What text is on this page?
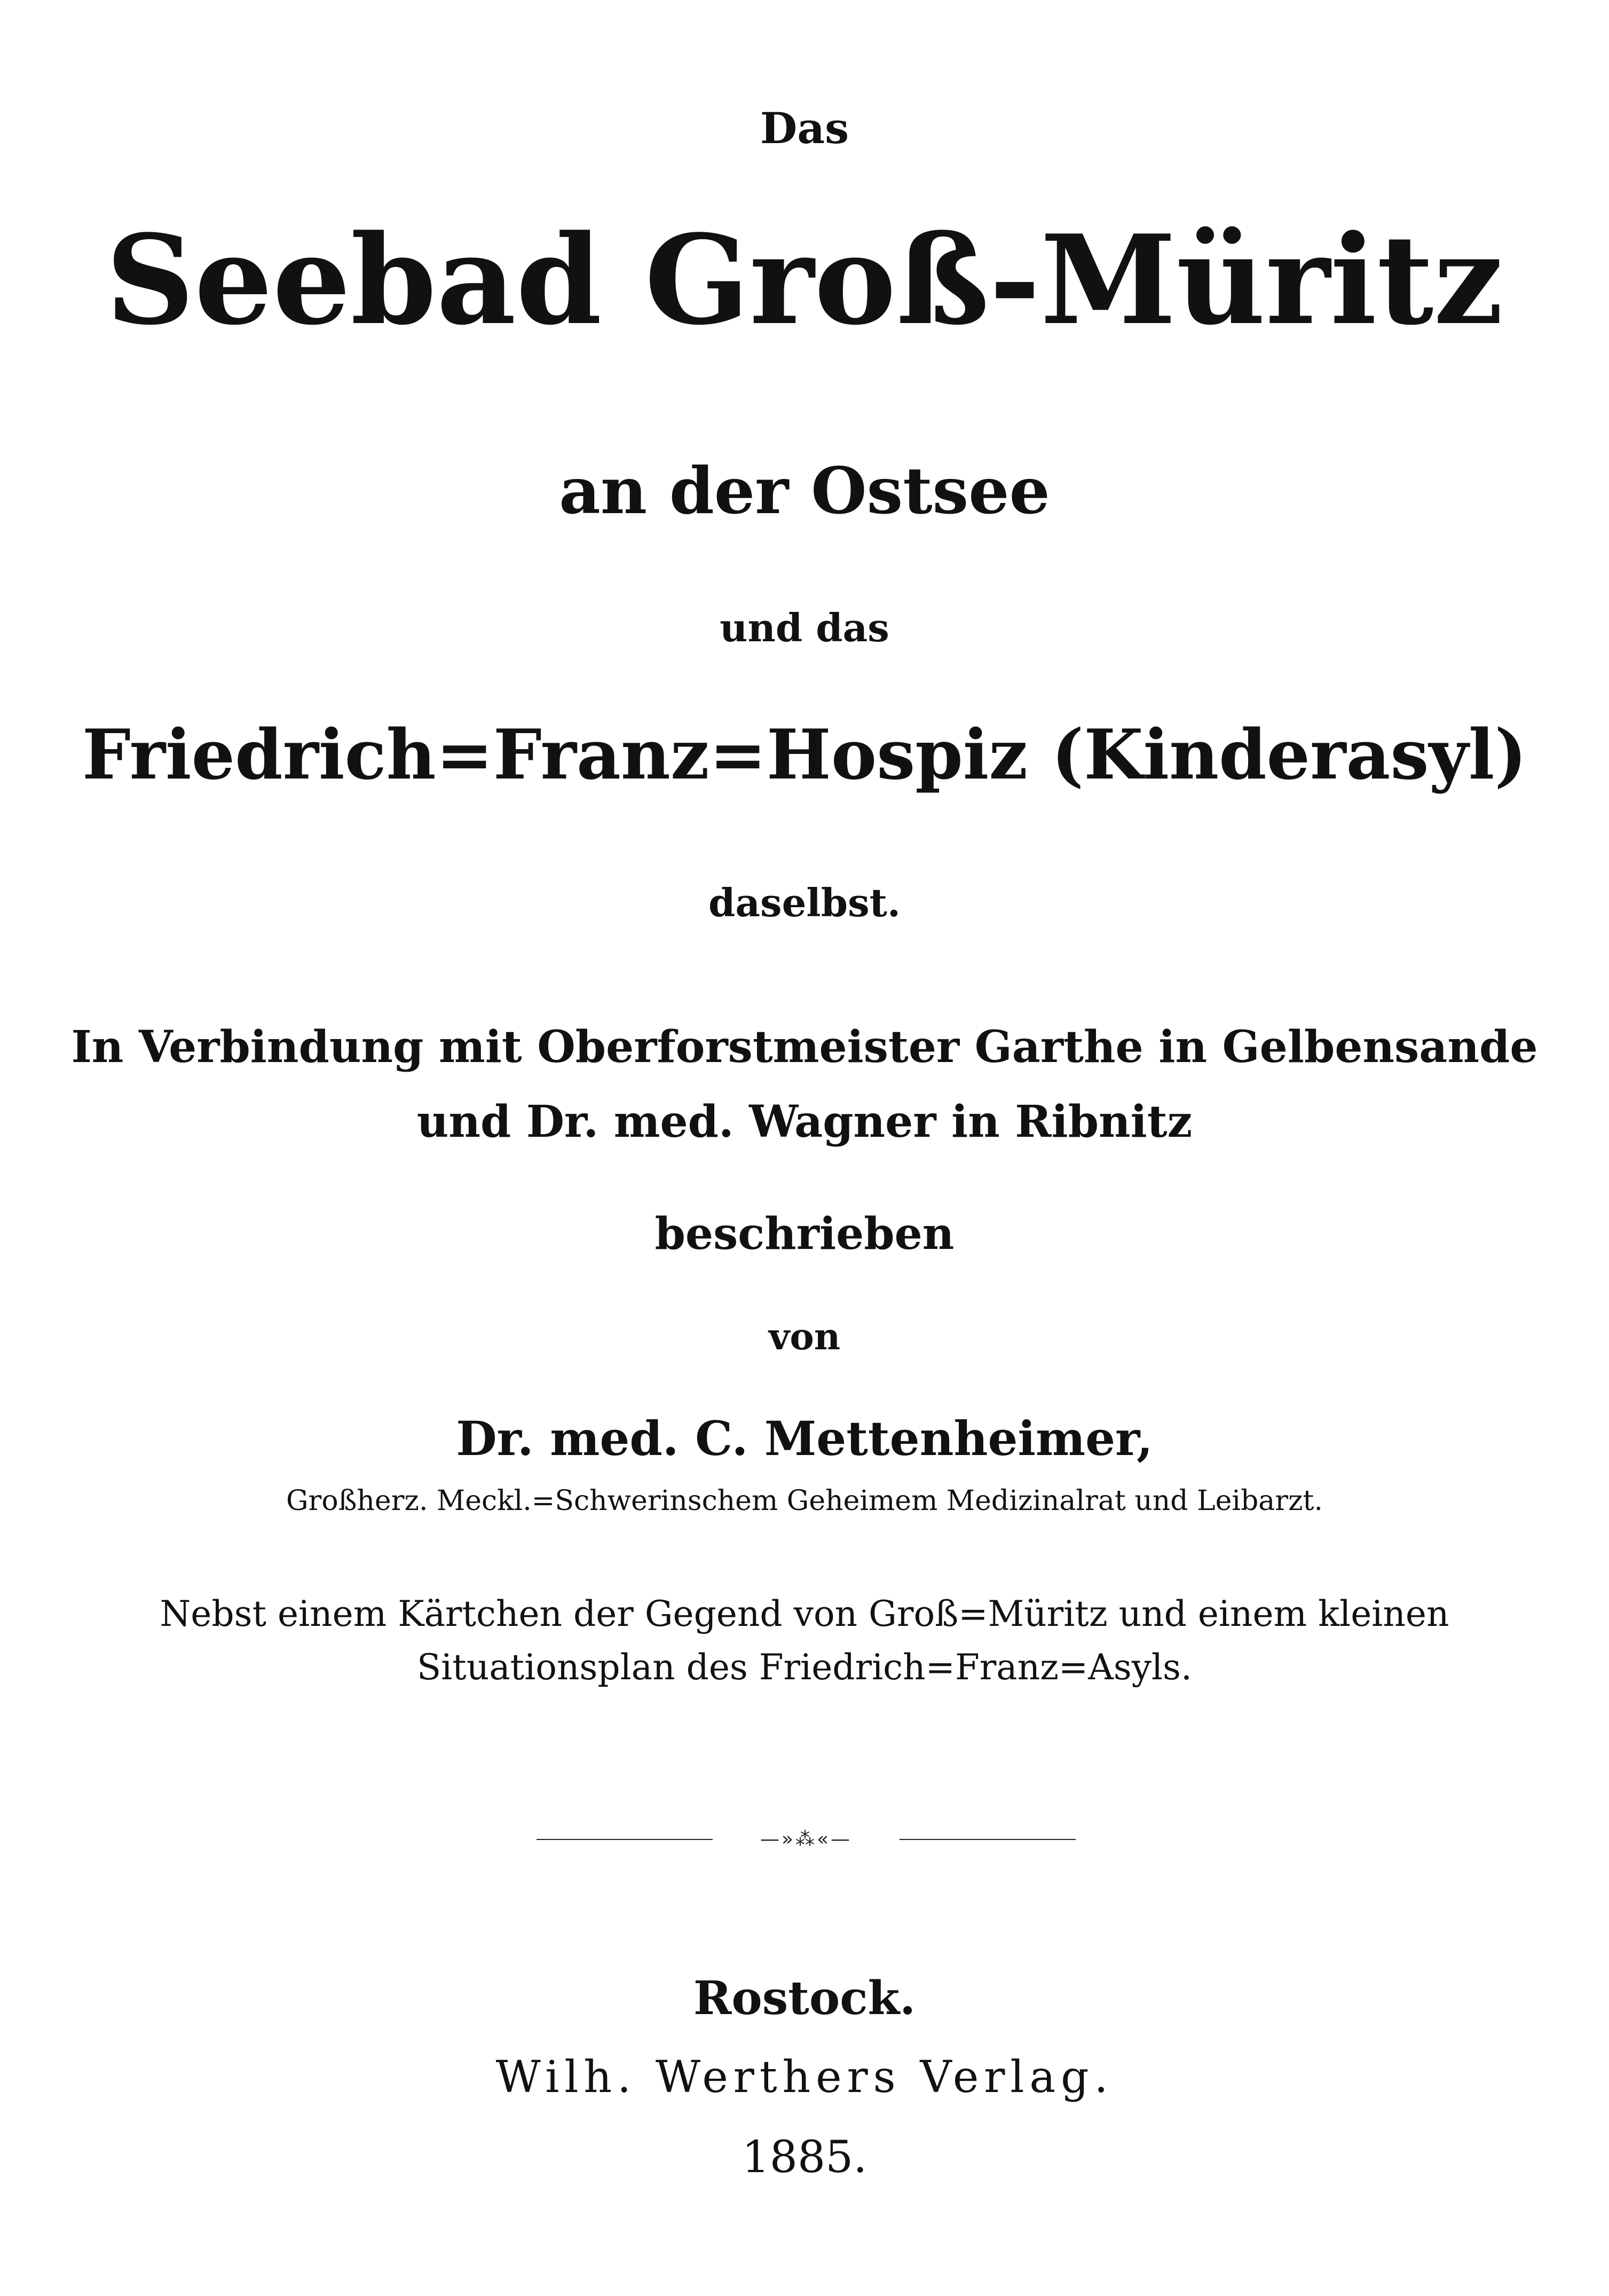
Das
Seebad Groß-Müritz
an der Ostsee
und das
Friedrich=Franz=Hospiz (Kinderasyl)
daselbst.
In Verbindung mit Oberforstmeister Garthe in Gelbensande
und Dr. med. Wagner in Ribnitz
beschrieben
von
Dr. med. C. Mettenheimer,
Großherz. Meckl.=Schwerinschem Geheimem Medizinalrat und Leibarzt.
Nebst einem Kärtchen der Gegend von Groß=Müritz und einem kleinen
Situationsplan des Friedrich=Franz=Asyls.
—»⁂«—
Rostock.
Wilh. Werthers Verlag.
1885.
